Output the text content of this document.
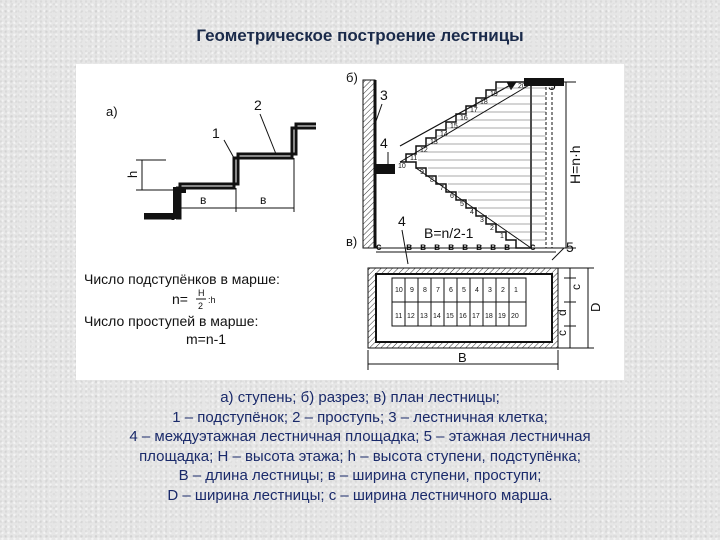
Геометрическое построение лестницы
а)
1
2
h
в	в
Число подступёнков в марше:
n= H
2
:h
Число проступей в марше:
m=n-1
б)
H=n·h
3
4
5
11
12
13
14
15
16
17
18
19
20
10
9
8
7
6
5
4
3
2
1
в)
4
5
B=n/2-1
c в в в в в в в в c
10 9 8 7 6 5 4 3 2 1
11 12 13 14 15 16 17 18 19 20
c
d
c
D
B
а) ступень; б) разрез; в) план лестницы;
1 – подступёнок; 2 – проступь; 3 – лестничная клетка;
4 – междуэтажная лестничная площадка; 5 – этажная лестничная
площадка; Н – высота этажа; h – высота ступени, подступёнка;
В – длина лестницы; в – ширина ступени, проступи;
D – ширина лестницы; с – ширина лестничного марша.
